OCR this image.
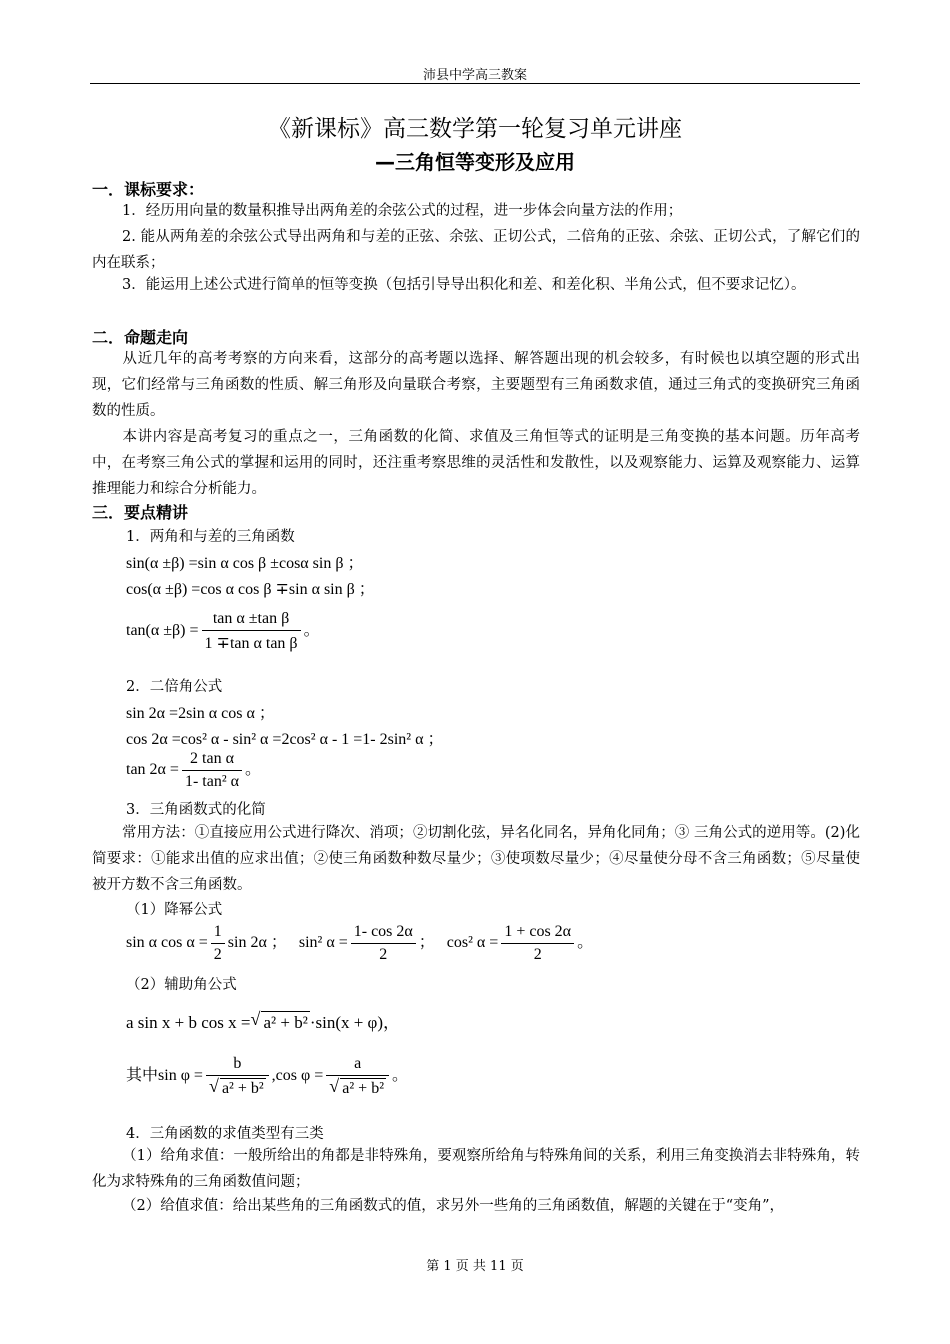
沛县中学高三教案
《新课标》高三数学第一轮复习单元讲座
—三角恒等变形及应用
一．课标要求：
1．经历用向量的数量积推导出两角差的余弦公式的过程，进一步体会向量方法的作用；
2. 能从两角差的余弦公式导出两角和与差的正弦、余弦、正切公式，二倍角的正弦、余弦、正切公式，了解它们的内在联系；
3．能运用上述公式进行简单的恒等变换（包括引导导出积化和差、和差化积、半角公式，但不要求记忆）。
二．命题走向
从近几年的高考考察的方向来看，这部分的高考题以选择、解答题出现的机会较多，有时候也以填空题的形式出现，它们经常与三角函数的性质、解三角形及向量联合考察，主要题型有三角函数求值，通过三角式的变换研究三角函数的性质。
本讲内容是高考复习的重点之一，三角函数的化简、求值及三角恒等式的证明是三角变换的基本问题。历年高考中，在考察三角公式的掌握和运用的同时，还注重考察思维的灵活性和发散性，以及观察能力、运算及观察能力、运算推理能力和综合分析能力。
三．要点精讲
1．两角和与差的三角函数
sin(α ±β) =sin α cos β ±cosα sin β ；
cos(α ±β) =cos α cos β ∓sin α sin β ；
$\tan(\alpha \pm\beta) = \frac{\text{tan α ±tan β}}{\text{1 ∓tan α tan β}}$ 。
2．二倍角公式
sin 2α =2sin α cos α ；
cos 2α =cos² α - sin² α =2cos² α - 1 =1- 2sin² α ；
$\tan 2\alpha = \frac{\text{2 tan α}}{\text{1- tan² α}}$ 。
3．三角函数式的化简
常用方法：①直接应用公式进行降次、消项；②切割化弦，异名化同名，异角化同角；③ 三角公式的逆用等。(2)化简要求：①能求出值的应求出值；②使三角函数种数尽量少；③使项数尽量少；④尽量使分母不含三角函数；⑤尽量使被开方数不含三角函数。
（1）降幂公式
sin α $\cos \alpha = \frac{1}{2}$ sin 2α ； sin² $\alpha = \frac{1- \cos 2\alpha}{2}$ ； cos² $\alpha = \frac{1 + \cos 2\alpha}{2}$ 。
（2）辅助角公式
a sin x + b cos x =√ a² + b² ·sin(x + φ)，
其中sin φ = b
√ a² + b² ,cos φ = a
√ a² + b² 。
4．三角函数的求值类型有三类
（1）给角求值：一般所给出的角都是非特殊角，要观察所给角与特殊角间的关系，利用三角变换消去非特殊角，转化为求特殊角的三角函数值问题；
（2）给值求值：给出某些角的三角函数式的值，求另外一些角的三角函数值，解题的关键在于“变角”，
第 1 页 共 11 页
